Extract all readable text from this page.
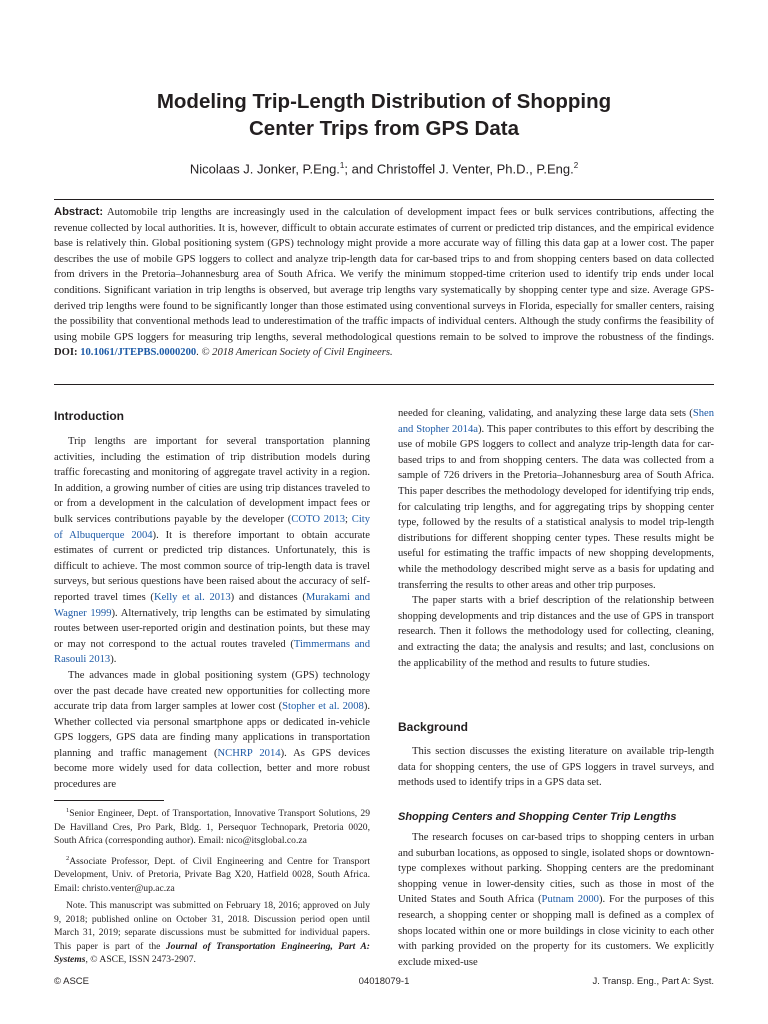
Modeling Trip-Length Distribution of Shopping
Center Trips from GPS Data

Nicolaas J. Jonker, P.Eng.$^1$; and Christoffel J. Venter, Ph.D., P.Eng.$^2$

Abstract: Automobile trip lengths are increasingly used in the calculation of development impact fees or bulk services contributions, affecting the revenue collected by local authorities. It is, however, difficult to obtain accurate estimates of current or predicted trip distances, and the empirical evidence base is relatively thin. Global positioning system (GPS) technology might provide a more accurate way of filling this data gap at a lower cost. The paper describes the use of mobile GPS loggers to collect and analyze trip-length data for car-based trips to and from shopping centers based on data collected from drivers in the Pretoria–Johannesburg area of South Africa. We verify the minimum stopped-time criterion used to identify trip ends under local conditions. Significant variation in trip lengths is observed, but average trip lengths vary systematically by shopping center type and size. Average GPS-derived trip lengths were found to be significantly longer than those estimated using conventional surveys in Florida, especially for smaller centers, raising the possibility that conventional methods lead to underestimation of the traffic impacts of individual centers. Although the study confirms the feasibility of using mobile GPS loggers for measuring trip lengths, several methodological questions remain to be solved to improve the robustness of the findings. DOI: 10.1061/JTEPBS.0000200. © 2018 American Society of Civil Engineers.

Introduction

Trip lengths are important for several transportation planning activities, including the estimation of trip distribution models during traffic forecasting and monitoring of aggregate travel activity in a region. In addition, a growing number of cities are using trip distances traveled to or from a development in the calculation of development impact fees or bulk services contributions payable by the developer (COTO 2013; City of Albuquerque 2004). It is therefore important to obtain accurate estimates of current or predicted trip distances. Unfortunately, this is difficult to achieve. The most common source of trip-length data is travel surveys, but serious questions have been raised about the accuracy of self-reported travel times (Kelly et al. 2013) and distances (Murakami and Wagner 1999). Alternatively, trip lengths can be estimated by simulating routes between user-reported origin and destination points, but these may or may not correspond to the actual routes traveled (Timmermans and Rasouli 2013).

The advances made in global positioning system (GPS) technology over the past decade have created new opportunities for collecting more accurate trip data from larger samples at lower cost (Stopher et al. 2008). Whether collected via personal smartphone apps or dedicated in-vehicle GPS loggers, GPS data are finding many applications in transportation planning and traffic management (NCHRP 2014). As GPS devices become more widely used for data collection, better and more robust procedures are

$^1$Senior Engineer, Dept. of Transportation, Innovative Transport Solutions, 29 De Havilland Cres, Pro Park, Bldg. 1, Persequor Technopark, Pretoria 0020, South Africa (corresponding author). Email: nico@itsglobal.co.za

$^2$Associate Professor, Dept. of Civil Engineering and Centre for Transport Development, Univ. of Pretoria, Private Bag X20, Hatfield 0028, South Africa. Email: christo.venter@up.ac.za

Note. This manuscript was submitted on February 18, 2016; approved on July 9, 2018; published online on October 31, 2018. Discussion period open until March 31, 2019; separate discussions must be submitted for individual papers. This paper is part of the Journal of Transportation Engineering, Part A: Systems, © ASCE, ISSN 2473-2907.

needed for cleaning, validating, and analyzing these large data sets (Shen and Stopher 2014a). This paper contributes to this effort by describing the use of mobile GPS loggers to collect and analyze trip-length data for car-based trips to and from shopping centers. The data was collected from a sample of 726 drivers in the Pretoria–Johannesburg area of South Africa. This paper describes the methodology developed for identifying trip ends, for calculating trip lengths, and for aggregating trips by shopping center type, followed by the results of a statistical analysis to model trip-length distributions for different shopping center types. These results might be useful for estimating the traffic impacts of new shopping developments, while the methodology described might serve as a basis for updating and transferring the results to other areas and other trip purposes.

The paper starts with a brief description of the relationship between shopping developments and trip distances and the use of GPS in transport research. Then it follows the methodology used for collecting, cleaning, and extracting the data; the analysis and results; and last, conclusions on the applicability of the method and results to future studies.

Background

This section discusses the existing literature on available trip-length data for shopping centers, the use of GPS loggers in travel surveys, and methods used to identify trips in a GPS data set.

Shopping Centers and Shopping Center Trip Lengths

The research focuses on car-based trips to shopping centers in urban and suburban locations, as opposed to single, isolated shops or downtown-type complexes without parking. Shopping centers are the predominant shopping venue in lower-density cities, such as those in most of the United States and South Africa (Putnam 2000). For the purposes of this research, a shopping center or shopping mall is defined as a complex of shops located within one or more buildings in close vicinity to each other with parking provided on the property for its customers. We explicitly exclude mixed-use

© ASCE	04018079-1	J. Transp. Eng., Part A: Syst.
